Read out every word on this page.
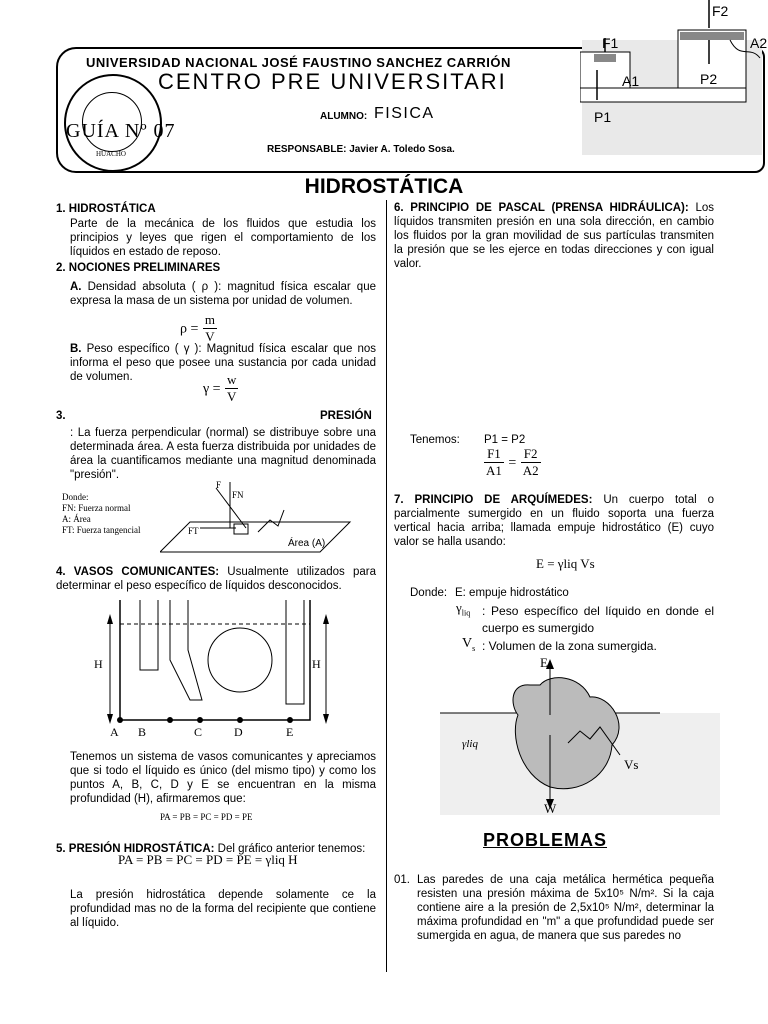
UNIVERSIDAD NACIONAL JOSÉ FAUSTINO SANCHEZ CARRIÓN
CENTRO PRE UNIVERSITARI
HUACHO
GUÍA Nº 07
ALUMNO: FISICA
RESPONSABLE: Javier A. Toledo Sosa.
F1
F2
A1
A2
P1
P2
HIDROSTÁTICA
1. HIDROSTÁTICA
Parte de la mecánica de los fluidos que estudia los principios y leyes que rigen el comportamiento de los líquidos en estado de reposo.
2. NOCIONES PRELIMINARES
A. Densidad absoluta ( ρ ): magnitud física escalar que expresa la masa de un sistema por unidad de volumen.
$\rho = \frac{m}{V}$
B. Peso específico ( γ ): Magnitud física escalar que nos informa el peso que posee una sustancia por cada unidad de volumen.
$\gamma = \frac{w}{V}$
3.	PRESIÓN
: La fuerza perpendicular (normal) se distribuye sobre una determinada área. A esta fuerza distribuida por unidades de área la cuantificamos mediante una magnitud denominada "presión".
Donde:
FN: Fuerza normal
A: Área
FT: Fuerza tangencial
FN
F
FT
Área (A)
4. VASOS COMUNICANTES: Usualmente utilizados para determinar el peso específico de líquidos desconocidos.
H	H
A B	C	D	E
Tenemos un sistema de vasos comunicantes y apreciamos que si todo el líquido es único (del mismo tipo) y como los puntos A, B, C, D y E se encuentran en la misma profundidad (H), afirmaremos que:
PA = PB = PC = PD = PE
5. PRESIÓN HIDROSTÁTICA: Del gráfico anterior tenemos:
PA = PB = PC = PD = PE = γliq H
La presión hidrostática depende solamente ce la profundidad mas no de la forma del recipiente que contiene al líquido.
6. PRINCIPIO DE PASCAL (PRENSA HIDRÁULICA): Los líquidos transmiten presión en una sola dirección, en cambio los fluidos por la gran movilidad de sus partículas transmiten la presión que se les ejerce en todas direcciones y con igual valor.
Tenemos: P1 = P2
$\frac{F1}{A1} = \frac{F2}{A2}$
7. PRINCIPIO DE ARQUÍMEDES: Un cuerpo total o parcialmente sumergido en un fluido soporta una fuerza vertical hacia arriba; llamada empuje hidrostático (E) cuyo valor se halla usando:
E = γliq Vs
Donde: E: empuje hidrostático
$\gamma_{liq}$ : Peso específico del líquido en donde el cuerpo es sumergido
$V_s$ : Volumen de la zona sumergida.
E
W
γliq
Vs
PROBLEMAS
01. Las paredes de una caja metálica hermética pequeña resisten una presión máxima de 5x10⁵ N/m². Si la caja contiene aire a la presión de 2,5x10⁵ N/m², determinar la máxima profundidad en "m" a que profundidad puede ser sumergida en agua, de manera que sus paredes no
